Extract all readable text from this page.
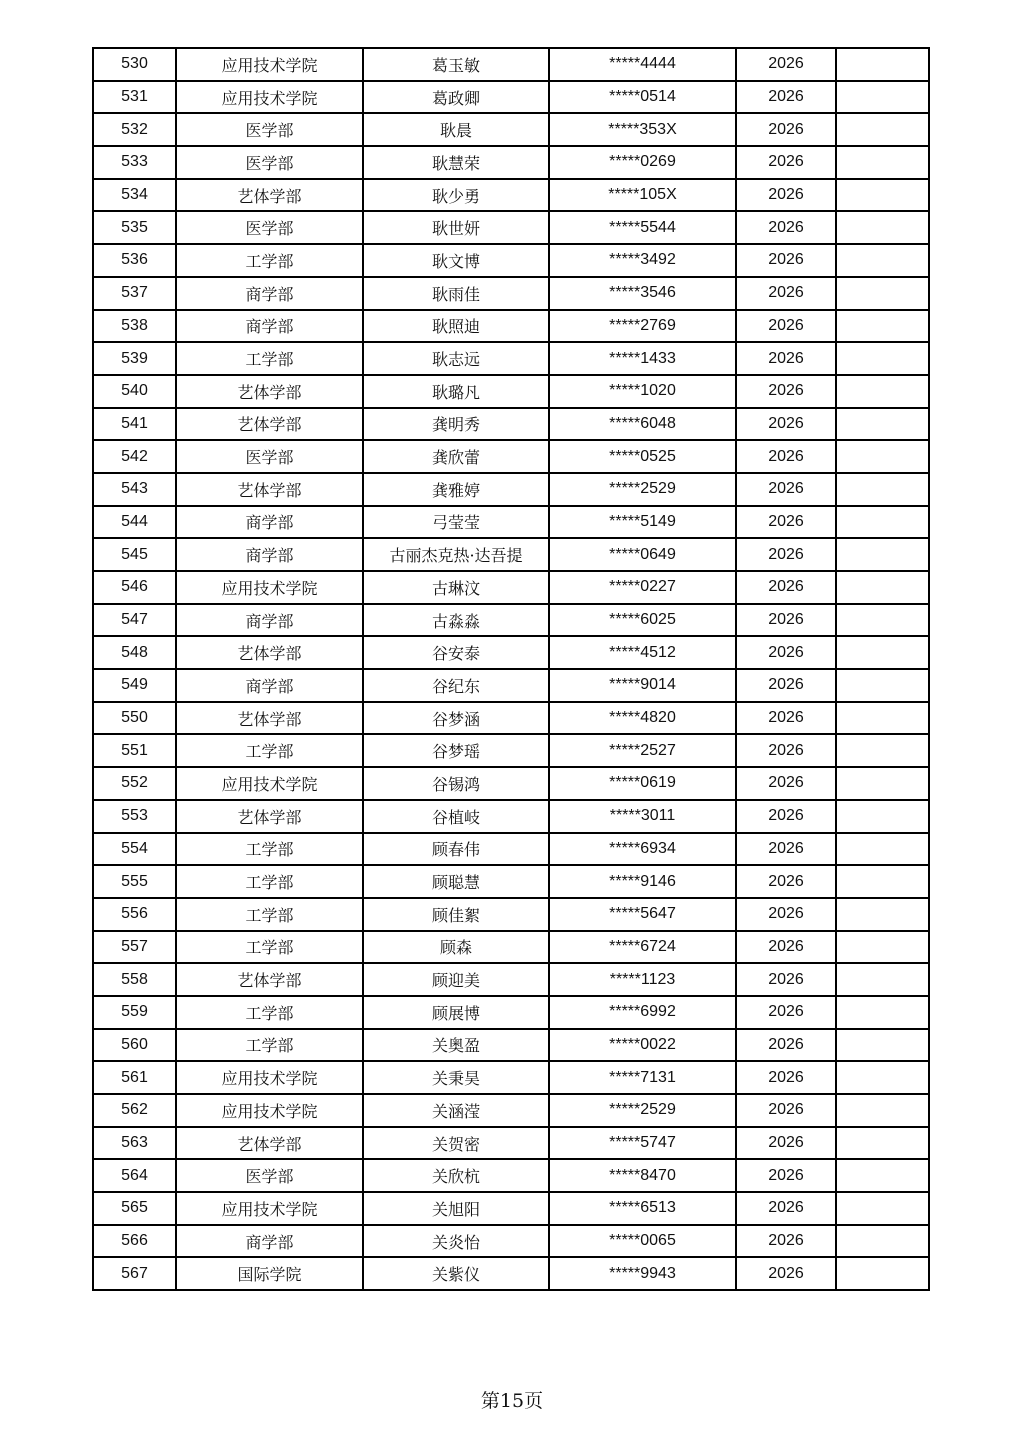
530	应用技术学院	葛玉敏	*****4444	2026	
531	应用技术学院	葛政卿	*****0514	2026	
532	医学部	耿晨	*****353X	2026	
533	医学部	耿慧荣	*****0269	2026	
534	艺体学部	耿少勇	*****105X	2026	
535	医学部	耿世妍	*****5544	2026	
536	工学部	耿文博	*****3492	2026	
537	商学部	耿雨佳	*****3546	2026	
538	商学部	耿照迪	*****2769	2026	
539	工学部	耿志远	*****1433	2026	
540	艺体学部	耿璐凡	*****1020	2026	
541	艺体学部	龚明秀	*****6048	2026	
542	医学部	龚欣蕾	*****0525	2026	
543	艺体学部	龚雅婷	*****2529	2026	
544	商学部	弓莹莹	*****5149	2026	
545	商学部	古丽杰克热·达吾提	*****0649	2026	
546	应用技术学院	古琳汶	*****0227	2026	
547	商学部	古淼淼	*****6025	2026	
548	艺体学部	谷安泰	*****4512	2026	
549	商学部	谷纪东	*****9014	2026	
550	艺体学部	谷梦涵	*****4820	2026	
551	工学部	谷梦瑶	*****2527	2026	
552	应用技术学院	谷锡鸿	*****0619	2026	
553	艺体学部	谷植岐	*****3011	2026	
554	工学部	顾春伟	*****6934	2026	
555	工学部	顾聪慧	*****9146	2026	
556	工学部	顾佳絮	*****5647	2026	
557	工学部	顾森	*****6724	2026	
558	艺体学部	顾迎美	*****1123	2026	
559	工学部	顾展博	*****6992	2026	
560	工学部	关奥盈	*****0022	2026	
561	应用技术学院	关秉昊	*****7131	2026	
562	应用技术学院	关涵滢	*****2529	2026	
563	艺体学部	关贺密	*****5747	2026	
564	医学部	关欣杭	*****8470	2026	
565	应用技术学院	关旭阳	*****6513	2026	
566	商学部	关炎怡	*****0065	2026	
567	国际学院	关紫仪	*****9943	2026	
第15页
